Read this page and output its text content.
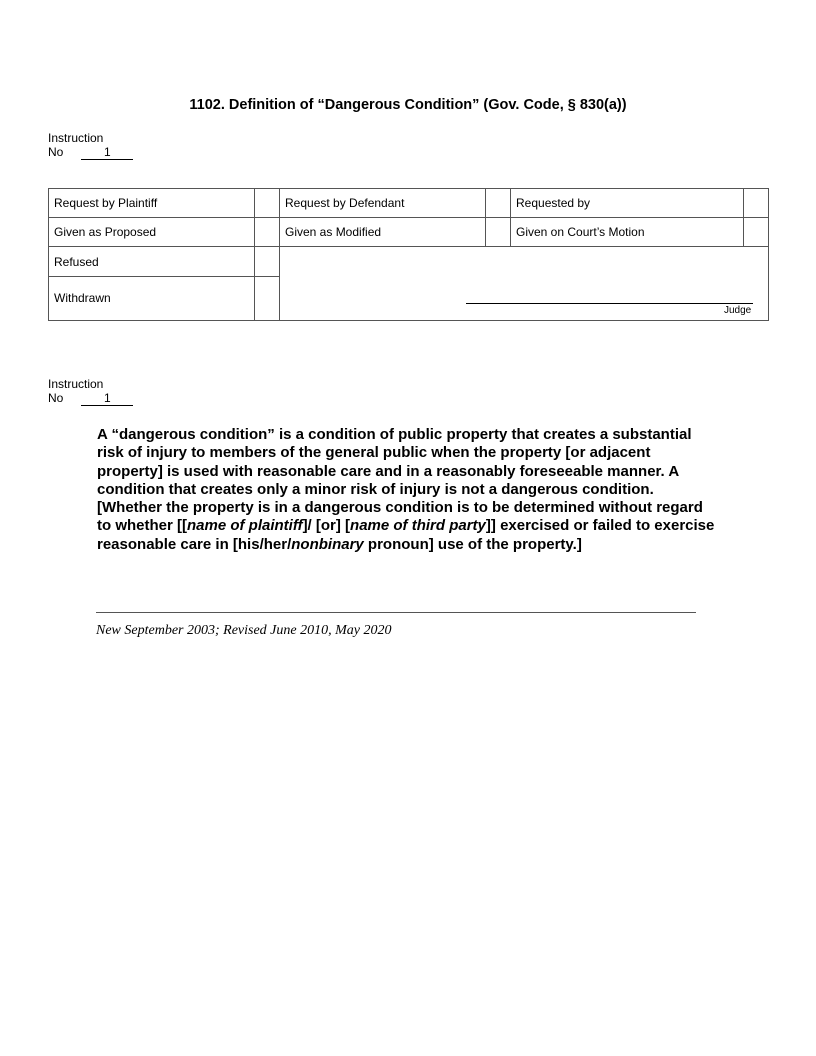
1102. Definition of “Dangerous Condition” (Gov. Code, § 830(a))
Instruction
No	1
Request by Plaintiff		Request by Defendant		Requested by	
Given as Proposed		Given as Modified		Given on Court’s Motion	
Refused					
Withdrawn					
Judge
Instruction
No	1
A “dangerous condition” is a condition of public property that creates a substantial risk of injury to members of the general public when the property [or adjacent property] is used with reasonable care and in a reasonably foreseeable manner. A condition that creates only a minor risk of injury is not a dangerous condition. [Whether the property is in a dangerous condition is to be determined without regard to whether [[name of plaintiff]/ [or] [name of third party]] exercised or failed to exercise reasonable care in [his/her/nonbinary pronoun] use of the property.]
New September 2003; Revised June 2010, May 2020
